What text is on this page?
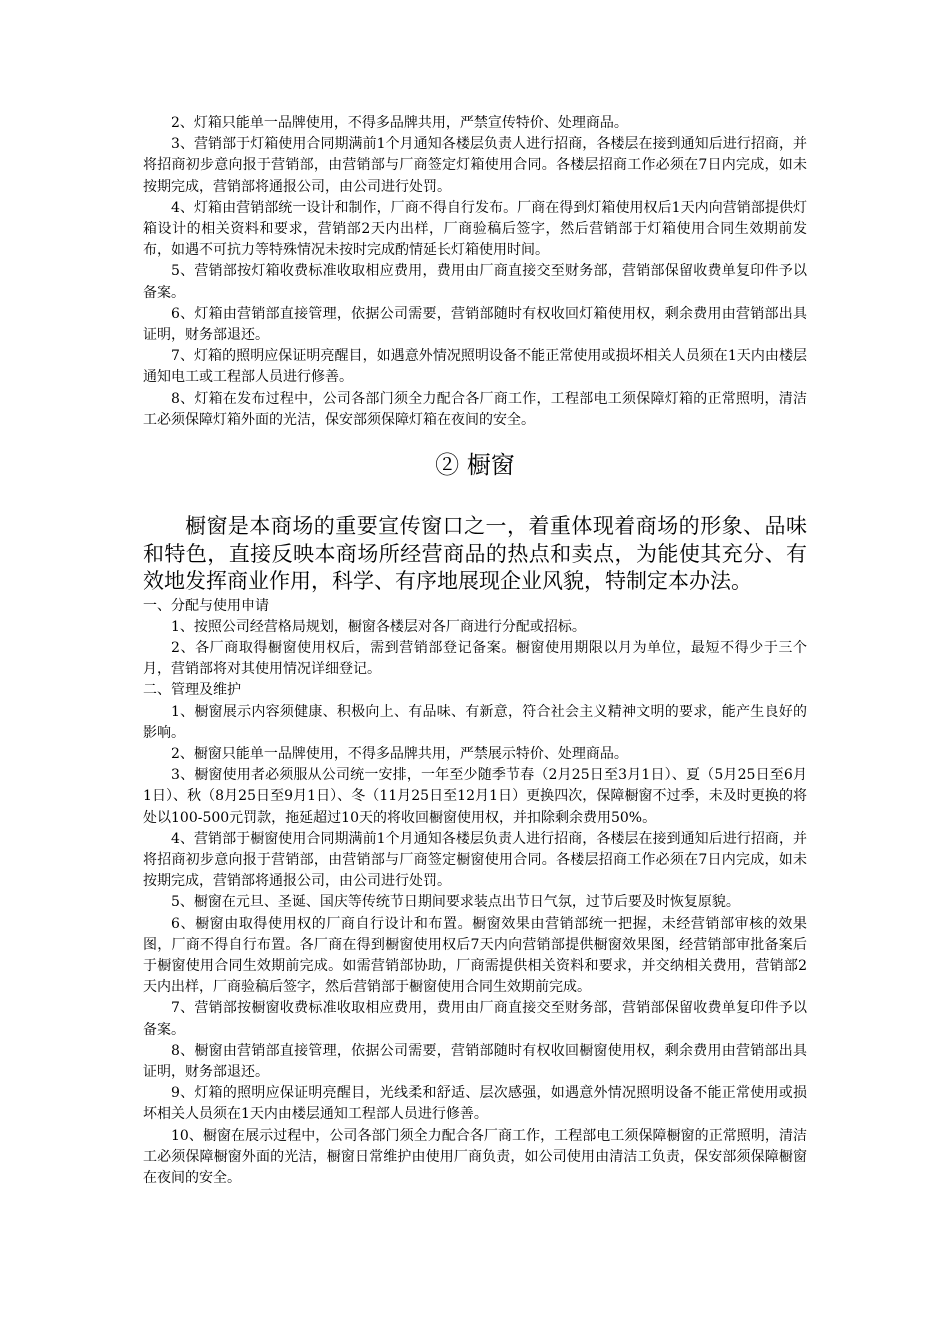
2、灯箱只能单一品牌使用，不得多品牌共用，严禁宣传特价、处理商品。

3、营销部于灯箱使用合同期满前1个月通知各楼层负责人进行招商，各楼层在接到通知后进行招商，并将招商初步意向报于营销部，由营销部与厂商签定灯箱使用合同。各楼层招商工作必须在7日内完成，如未按期完成，营销部将通报公司，由公司进行处罚。

4、灯箱由营销部统一设计和制作，厂商不得自行发布。厂商在得到灯箱使用权后1天内向营销部提供灯箱设计的相关资料和要求，营销部2天内出样，厂商验稿后签字，然后营销部于灯箱使用合同生效期前发布，如遇不可抗力等特殊情况未按时完成酌情延长灯箱使用时间。

5、营销部按灯箱收费标准收取相应费用，费用由厂商直接交至财务部，营销部保留收费单复印件予以备案。

6、灯箱由营销部直接管理，依据公司需要，营销部随时有权收回灯箱使用权，剩余费用由营销部出具证明，财务部退还。

7、灯箱的照明应保证明亮醒目，如遇意外情况照明设备不能正常使用或损坏相关人员须在1天内由楼层通知电工或工程部人员进行修善。

8、灯箱在发布过程中，公司各部门须全力配合各厂商工作，工程部电工须保障灯箱的正常照明，清洁工必须保障灯箱外面的光洁，保安部须保障灯箱在夜间的安全。

② 橱窗

橱窗是本商场的重要宣传窗口之一，着重体现着商场的形象、品味和特色，直接反映本商场所经营商品的热点和卖点，为能使其充分、有效地发挥商业作用，科学、有序地展现企业风貌，特制定本办法。

一、分配与使用申请

1、按照公司经营格局规划，橱窗各楼层对各厂商进行分配或招标。

2、各厂商取得橱窗使用权后，需到营销部登记备案。橱窗使用期限以月为单位，最短不得少于三个月，营销部将对其使用情况详细登记。

二、管理及维护

1、橱窗展示内容须健康、积极向上、有品味、有新意，符合社会主义精神文明的要求，能产生良好的影响。

2、橱窗只能单一品牌使用，不得多品牌共用，严禁展示特价、处理商品。

3、橱窗使用者必须服从公司统一安排，一年至少随季节春（2月25日至3月1日）、夏（5月25日至6月1日）、秋（8月25日至9月1日）、冬（11月25日至12月1日）更换四次，保障橱窗不过季，未及时更换的将处以100-500元罚款，拖延超过10天的将收回橱窗使用权，并扣除剩余费用50%。

4、营销部于橱窗使用合同期满前1个月通知各楼层负责人进行招商，各楼层在接到通知后进行招商，并将招商初步意向报于营销部，由营销部与厂商签定橱窗使用合同。各楼层招商工作必须在7日内完成，如未按期完成，营销部将通报公司，由公司进行处罚。

5、橱窗在元旦、圣诞、国庆等传统节日期间要求装点出节日气氛，过节后要及时恢复原貌。

6、橱窗由取得使用权的厂商自行设计和布置。橱窗效果由营销部统一把握，未经营销部审核的效果图，厂商不得自行布置。各厂商在得到橱窗使用权后7天内向营销部提供橱窗效果图，经营销部审批备案后于橱窗使用合同生效期前完成。如需营销部协助，厂商需提供相关资料和要求，并交纳相关费用，营销部2天内出样，厂商验稿后签字，然后营销部于橱窗使用合同生效期前完成。

7、营销部按橱窗收费标准收取相应费用，费用由厂商直接交至财务部，营销部保留收费单复印件予以备案。

8、橱窗由营销部直接管理，依据公司需要，营销部随时有权收回橱窗使用权，剩余费用由营销部出具证明，财务部退还。

9、灯箱的照明应保证明亮醒目，光线柔和舒适、层次感强，如遇意外情况照明设备不能正常使用或损坏相关人员须在1天内由楼层通知工程部人员进行修善。

10、橱窗在展示过程中，公司各部门须全力配合各厂商工作，工程部电工须保障橱窗的正常照明，清洁工必须保障橱窗外面的光洁，橱窗日常维护由使用厂商负责，如公司使用由清洁工负责，保安部须保障橱窗在夜间的安全。
